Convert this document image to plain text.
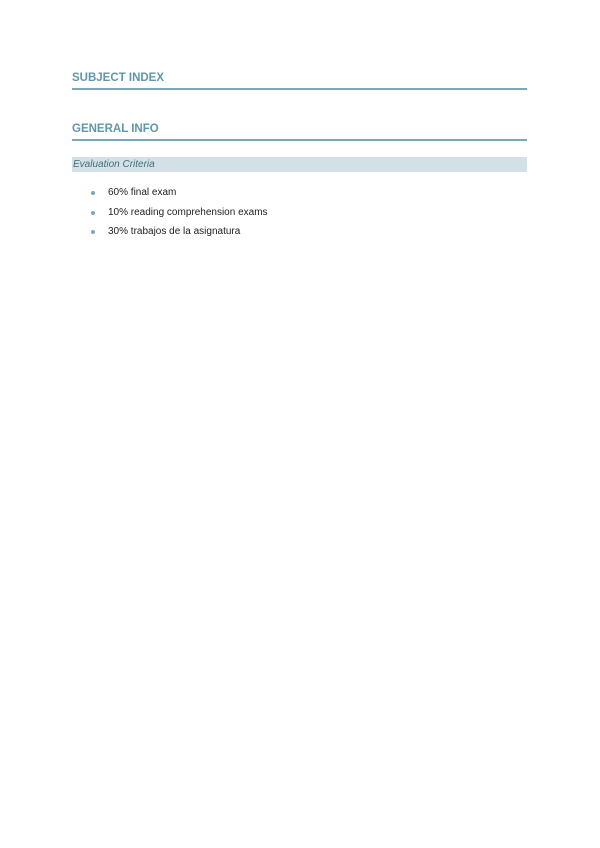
SUBJECT INDEX
GENERAL INFO
Evaluation Criteria
60% final exam
10% reading comprehension exams
30% trabajos de la asignatura
